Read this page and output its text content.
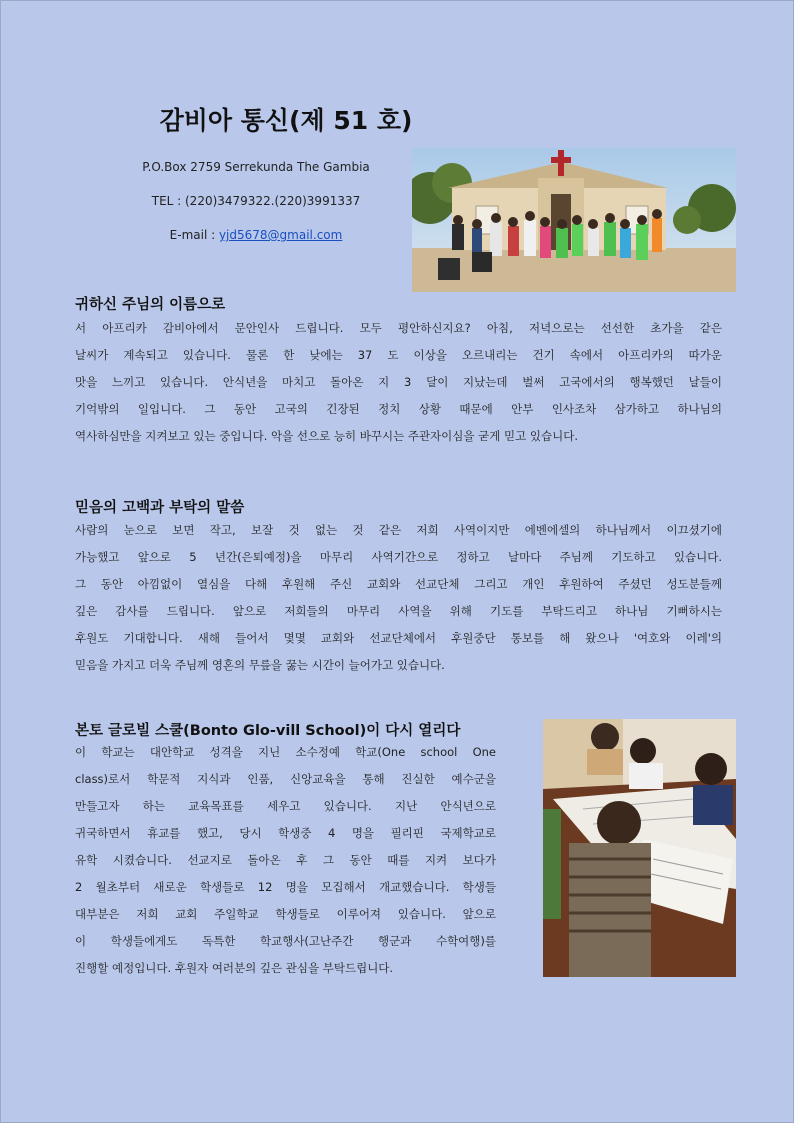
감비아 통신(제 51 호)
P.O.Box 2759 Serrekunda The Gambia
TEL : (220)3479322.(220)3991337
E-mail : yjd5678@gmail.com
귀하신 주님의 이름으로
서 아프리카 감비아에서 문안인사 드립니다. 모두 평안하신지요? 아침, 저녁으로는 선선한 초가을 같은
날씨가 계속되고 있습니다. 물론 한 낮에는 37 도 이상을 오르내리는 건기 속에서 아프리카의 따가운
맛을 느끼고 있습니다. 안식년을 마치고 돌아온 지 3 달이 지났는데 벌써 고국에서의 행복했던 날들이
기억밖의 일입니다. 그 동안 고국의 긴장된 정치 상황 때문에 안부 인사조차 삼가하고 하나님의
역사하심만을 지켜보고 있는 중입니다. 악을 선으로 능히 바꾸시는 주관자이심을 굳게 믿고 있습니다.
믿음의 고백과 부탁의 말씀
사람의 눈으로 보면 작고, 보잘 것 없는 것 같은 저희 사역이지만 에벤에셀의 하나님께서 이끄셨기에
가능했고 앞으로 5 년간(은퇴예정)을 마무리 사역기간으로 정하고 날마다 주님께 기도하고 있습니다.
그 동안 아낌없이 열심을 다해 후원해 주신 교회와 선교단체 그리고 개인 후원하여 주셨던 성도분들께
깊은 감사를 드립니다. 앞으로 저희들의 마무리 사역을 위해 기도를 부탁드리고 하나님 기뻐하시는
후원도 기대합니다. 새해 들어서 몇몇 교회와 선교단체에서 후원중단 통보를 해 왔으나 '여호와 이레'의
믿음을 가지고 더욱 주님께 영혼의 무릎을 꿇는 시간이 늘어가고 있습니다.
본토 글로빌 스쿨(Bonto Glo-vill School)이 다시 열리다
이 학교는 대안학교 성격을 지닌 소수정예 학교(One school One
class)로서 학문적 지식과 인품, 신앙교육을 통해 진실한 예수군을
만들고자 하는 교육목표를 세우고 있습니다. 지난 안식년으로
귀국하면서 휴교를 했고, 당시 학생중 4 명을 필리핀 국제학교로
유학 시켰습니다. 선교지로 돌아온 후 그 동안 때를 지켜 보다가
2 월초부터 새로운 학생들로 12 명을 모집해서 개교했습니다. 학생들
대부분은 저희 교회 주일학교 학생들로 이루어져 있습니다. 앞으로
이 학생들에게도 독특한 학교행사(고난주간 행군과 수학여행)를
진행할 예정입니다. 후원자 여러분의 깊은 관심을 부탁드립니다.
